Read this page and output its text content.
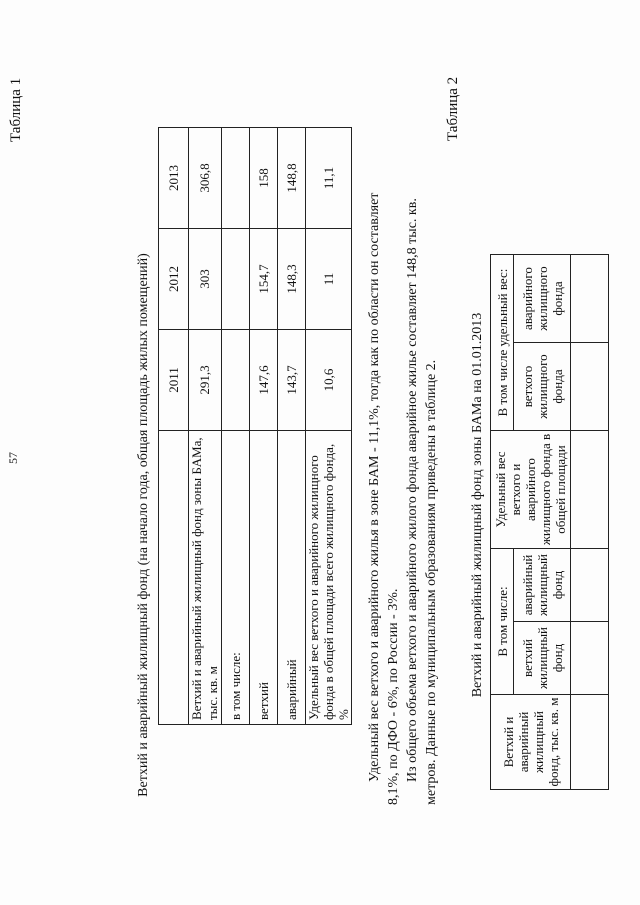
57
Таблица 1
Ветхий и аварийный жилищный фонд (на начало года, общая площадь жилых помещений)
	2011	2012	2013
Ветхий и аварийный жилищный фонд зоны БАМа, тыс. кв. м	291,3	303	306,8
в том числе:			
ветхий	147,6	154,7	158
аварийный	143,7	148,3	148,8
Удельный вес ветхого и аварийного жилищного фонда в общей площади всего жилищного фонда, %	10,6	11	11,1
Удельный вес ветхого и аварийного жилья в зоне БАМ - 11,1%, тогда как по области он составляет 8,1%, по ДФО - 6%, по России - 3%. Из общего объема ветхого и аварийного жилого фонда аварийное жилье составляет 148,8 тыс. кв. метров. Данные по муниципальным образованиям приведены в таблице 2.
Таблица 2
Ветхий и аварийный жилищный фонд зоны БАМа на 01.01.2013
Ветхий и аварийный жилищный фонд, тыс. кв. м	В том числе:		Удельный вес ветхого и аварийного жилищного фонда в общей площади	В том числе удельный вес:	
	ветхий жилищный фонд	аварийный жилищный фонд		ветхого жилищного фонда	аварийного жилищного фонда
